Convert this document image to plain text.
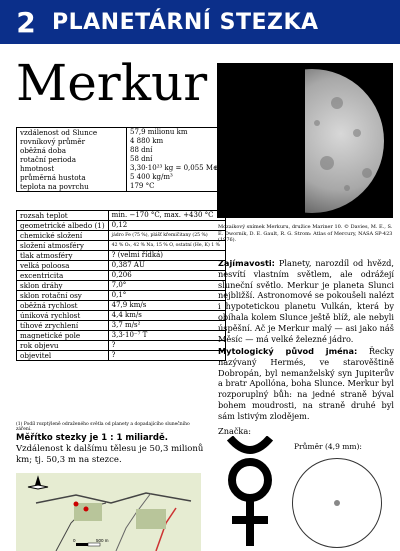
2 PLANETÁRNÍ STEZKA
Merkur
Mozaikový snímek Merkuru, družice Mariner 10. © Davies, M. E., S. E. Dwornik, D. E. Gault, R. G. Strom: Atlas of Mercury, NASA SP-423 (1976).
vzdálenost od Slunce	57,9 milionu km
rovníkový průměr	4 880 km
oběžná doba	88 dní
rotační perioda	58 dní
hmotnost	3,30·10²³ kg = 0,055 M⊕
průměrná hustota	5 400 kg/m³
teplota na povrchu	179 °C
rozsah teplot	min. −170 °C, max. +430 °C
geometrické albedo (1)	0,12
chemické složení	jádro Fe (75 %), plášť křemičitany (25 %)

složení atmosféry	42 % O₂, 42 % Na, 15 % O, ostatní (He, K) 1 %

tlak atmosféry	? (velmi řídká)
velká poloosa	0,387 AU
excentricita	0,206
sklon dráhy	7,0°
sklon rotační osy	0,1°
oběžná rychlost	47,9 km/s
úniková rychlost	4,4 km/s
tíhové zrychlení	3,7 m/s²
magnetické pole	3,3·10⁻⁷ T
rok objevu	?
objevitel	?
(1) Podíl rozptýleně odraženého světla od planety a dopadajícího slunečního záření.
Měřítko stezky je 1 : 1 miliardě. Vzdálenost k dalšímu tělesu je 50,3 milionů km; tj. 50,3 m na stezce.
0	500 m
Zajímavosti: Planety, narozdíl od hvězd, nesvítí vlastním světlem, ale odrážejí sluneční světlo. Merkur je planeta Slunci nejbližší. Astronomové se pokoušeli nalézt i hypotetickou planetu Vulkán, která by obíhala kolem Slunce ještě blíž, ale nebyli úspěšní. Ač je Merkur malý — asi jako náš Měsíc — má velké železné jádro.
Mytologický původ jména: Řecky nazývaný Hermés, ve starověštině Dobropán, byl nemanželský syn Jupiterův a bratr Apollóna, boha Slunce. Merkur byl rozporuplný bůh: na jedné straně býval bohem moudrosti, na straně druhé byl sám lstivým zlodějem.
Značka:
Průměr (4,9 mm):
